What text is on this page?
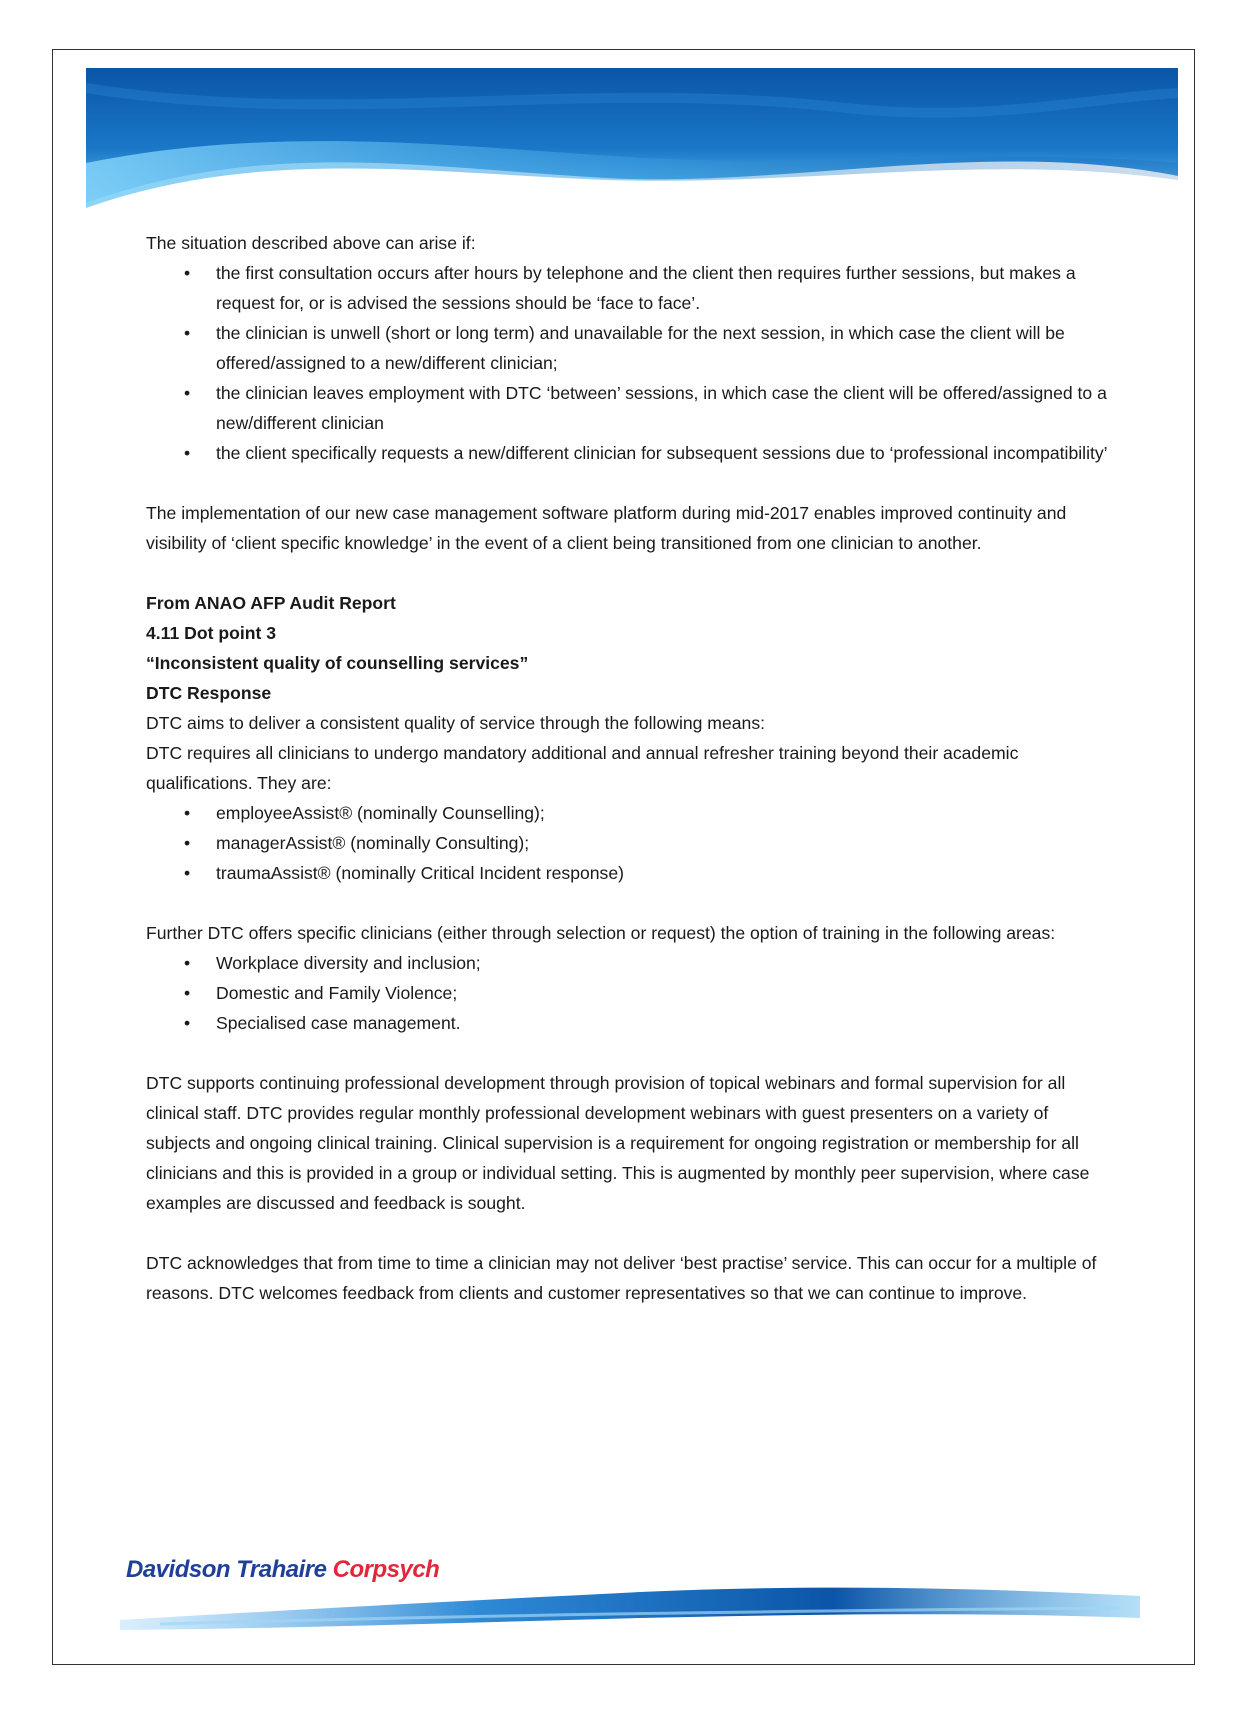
The situation described above can arise if:

• the first consultation occurs after hours by telephone and the client then requires further sessions, but makes a request for, or is advised the sessions should be ‘face to face’.
• the clinician is unwell (short or long term) and unavailable for the next session, in which case the client will be offered/assigned to a new/different clinician;
• the clinician leaves employment with DTC ‘between’ sessions, in which case the client will be offered/assigned to a new/different clinician
• the client specifically requests a new/different clinician for subsequent sessions due to ‘professional incompatibility’

The implementation of our new case management software platform during mid-2017 enables improved continuity and visibility of ‘client specific knowledge’ in the event of a client being transitioned from one clinician to another.

From ANAO AFP Audit Report

4.11 Dot point 3

“Inconsistent quality of counselling services”

DTC Response

DTC aims to deliver a consistent quality of service through the following means:

DTC requires all clinicians to undergo mandatory additional and annual refresher training beyond their academic qualifications. They are:

• employeeAssist® (nominally Counselling);
• managerAssist® (nominally Consulting);
• traumaAssist® (nominally Critical Incident response)

Further DTC offers specific clinicians (either through selection or request) the option of training in the following areas:

• Workplace diversity and inclusion;
• Domestic and Family Violence;
• Specialised case management.

DTC supports continuing professional development through provision of topical webinars and formal supervision for all clinical staff. DTC provides regular monthly professional development webinars with guest presenters on a variety of subjects and ongoing clinical training. Clinical supervision is a requirement for ongoing registration or membership for all clinicians and this is provided in a group or individual setting. This is augmented by monthly peer supervision, where case examples are discussed and feedback is sought.

DTC acknowledges that from time to time a clinician may not deliver ‘best practise’ service. This can occur for a multiple of reasons. DTC welcomes feedback from clients and customer representatives so that we can continue to improve.

Davidson Trahaire Corpsych
